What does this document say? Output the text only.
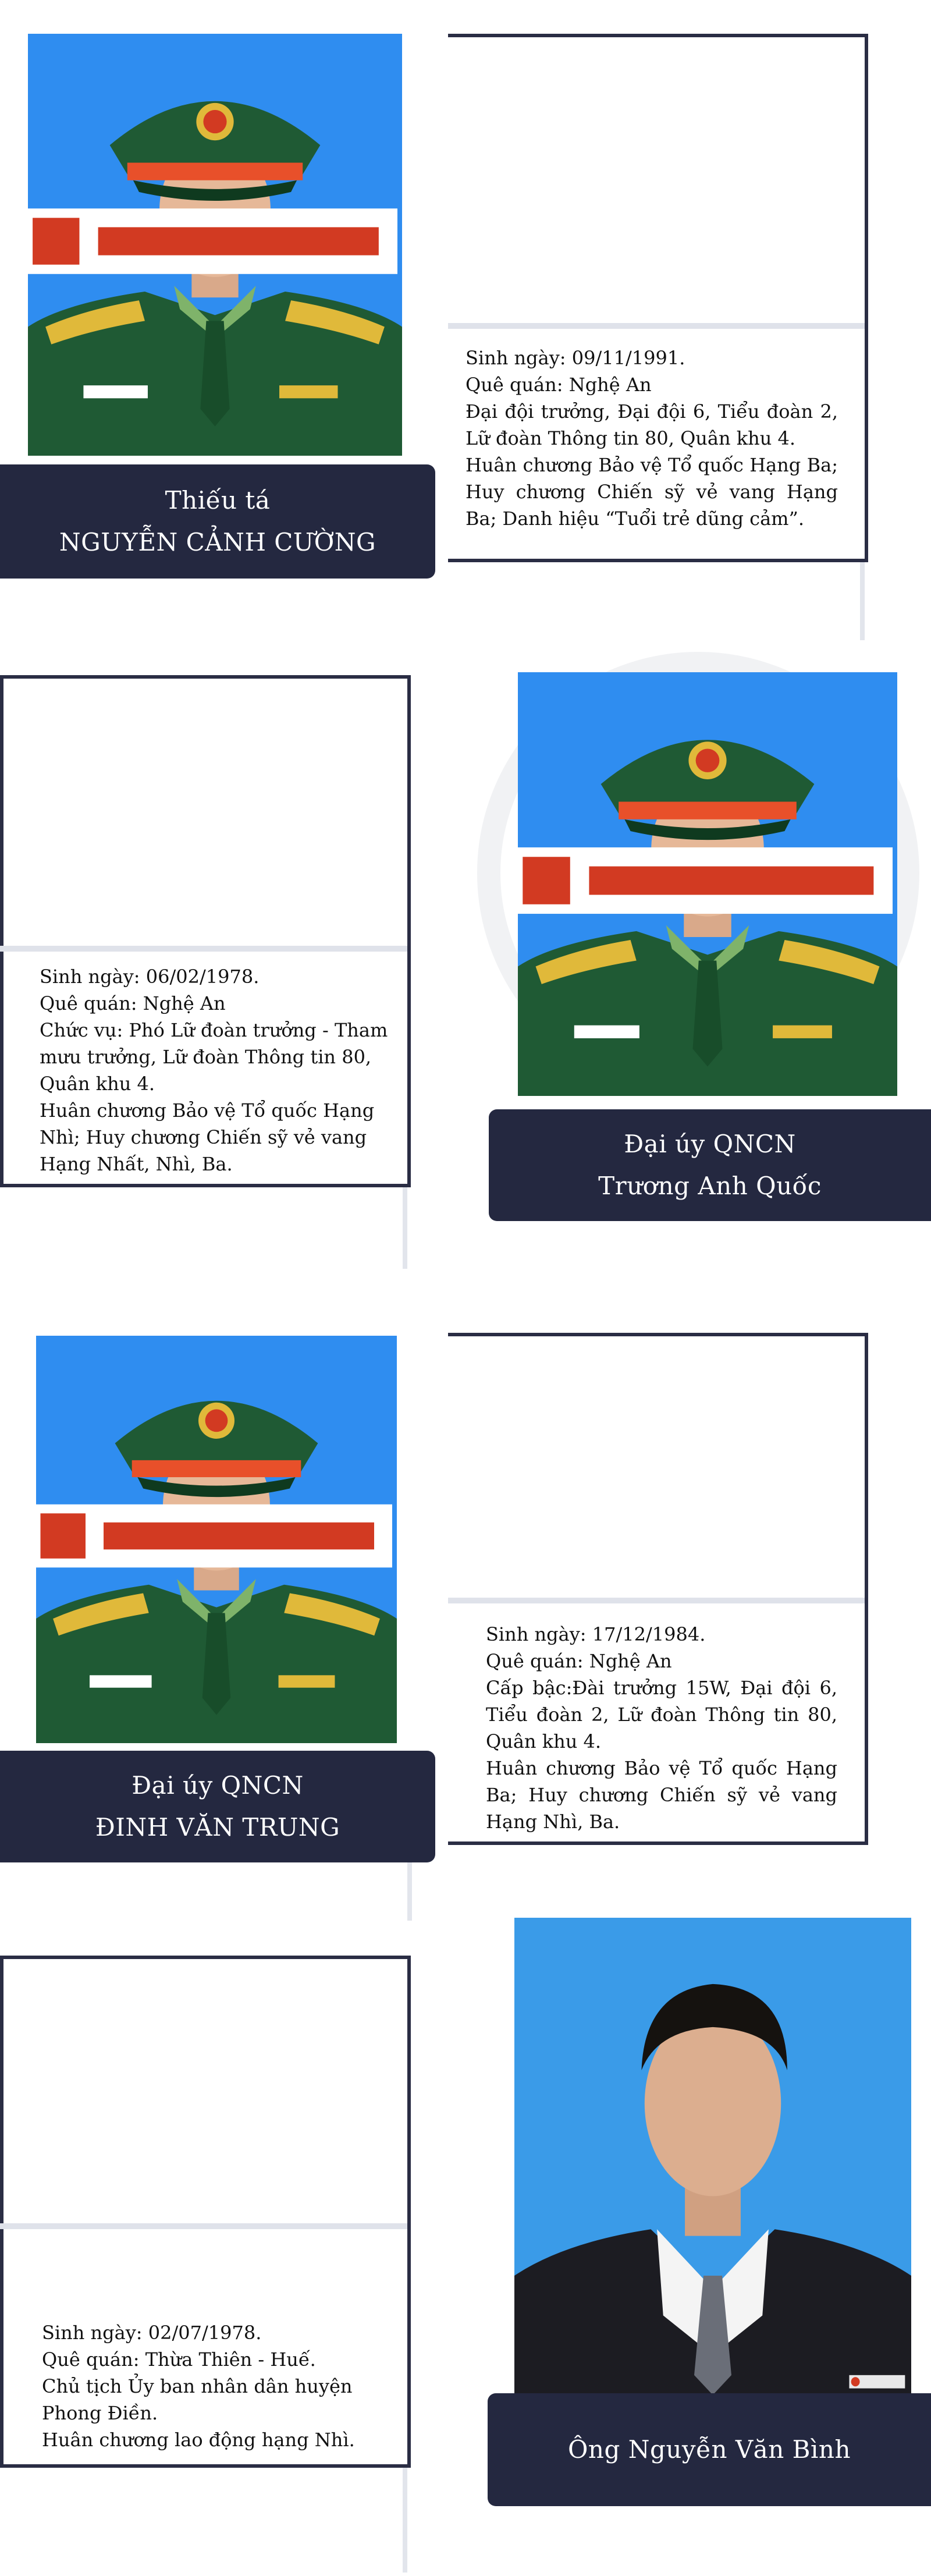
Thiếu tá
NGUYỄN CẢNH CƯỜNG

Sinh ngày: 09/11/1991.

Quê quán: Nghệ An

Đại đội trưởng, Đại đội 6, Tiểu đoàn 2, Lữ đoàn Thông tin 80, Quân khu 4.

Huân chương Bảo vệ Tổ quốc Hạng Ba; Huy chương Chiến sỹ vẻ vang Hạng Ba; Danh hiệu “Tuổi trẻ dũng cảm”.

Đại úy QNCN
Trương Anh Quốc

Sinh ngày: 06/02/1978.

Quê quán: Nghệ An

Chức vụ: Phó Lữ đoàn trưởng - Tham mưu trưởng, Lữ đoàn Thông tin 80, Quân khu 4.

Huân chương Bảo vệ Tổ quốc Hạng Nhì; Huy chương Chiến sỹ vẻ vang Hạng Nhất, Nhì, Ba.

Đại úy QNCN
ĐINH VĂN TRUNG

Sinh ngày: 17/12/1984.

Quê quán: Nghệ An

Cấp bậc:Đài trưởng 15W, Đại đội 6, Tiểu đoàn 2, Lữ đoàn Thông tin 80, Quân khu 4.

Huân chương Bảo vệ Tổ quốc Hạng Ba; Huy chương Chiến sỹ vẻ vang Hạng Nhì, Ba.

Ông Nguyễn Văn Bình

Sinh ngày: 02/07/1978.

Quê quán: Thừa Thiên - Huế.

Chủ tịch Ủy ban nhân dân huyện Phong Điền.

Huân chương lao động hạng Nhì.
